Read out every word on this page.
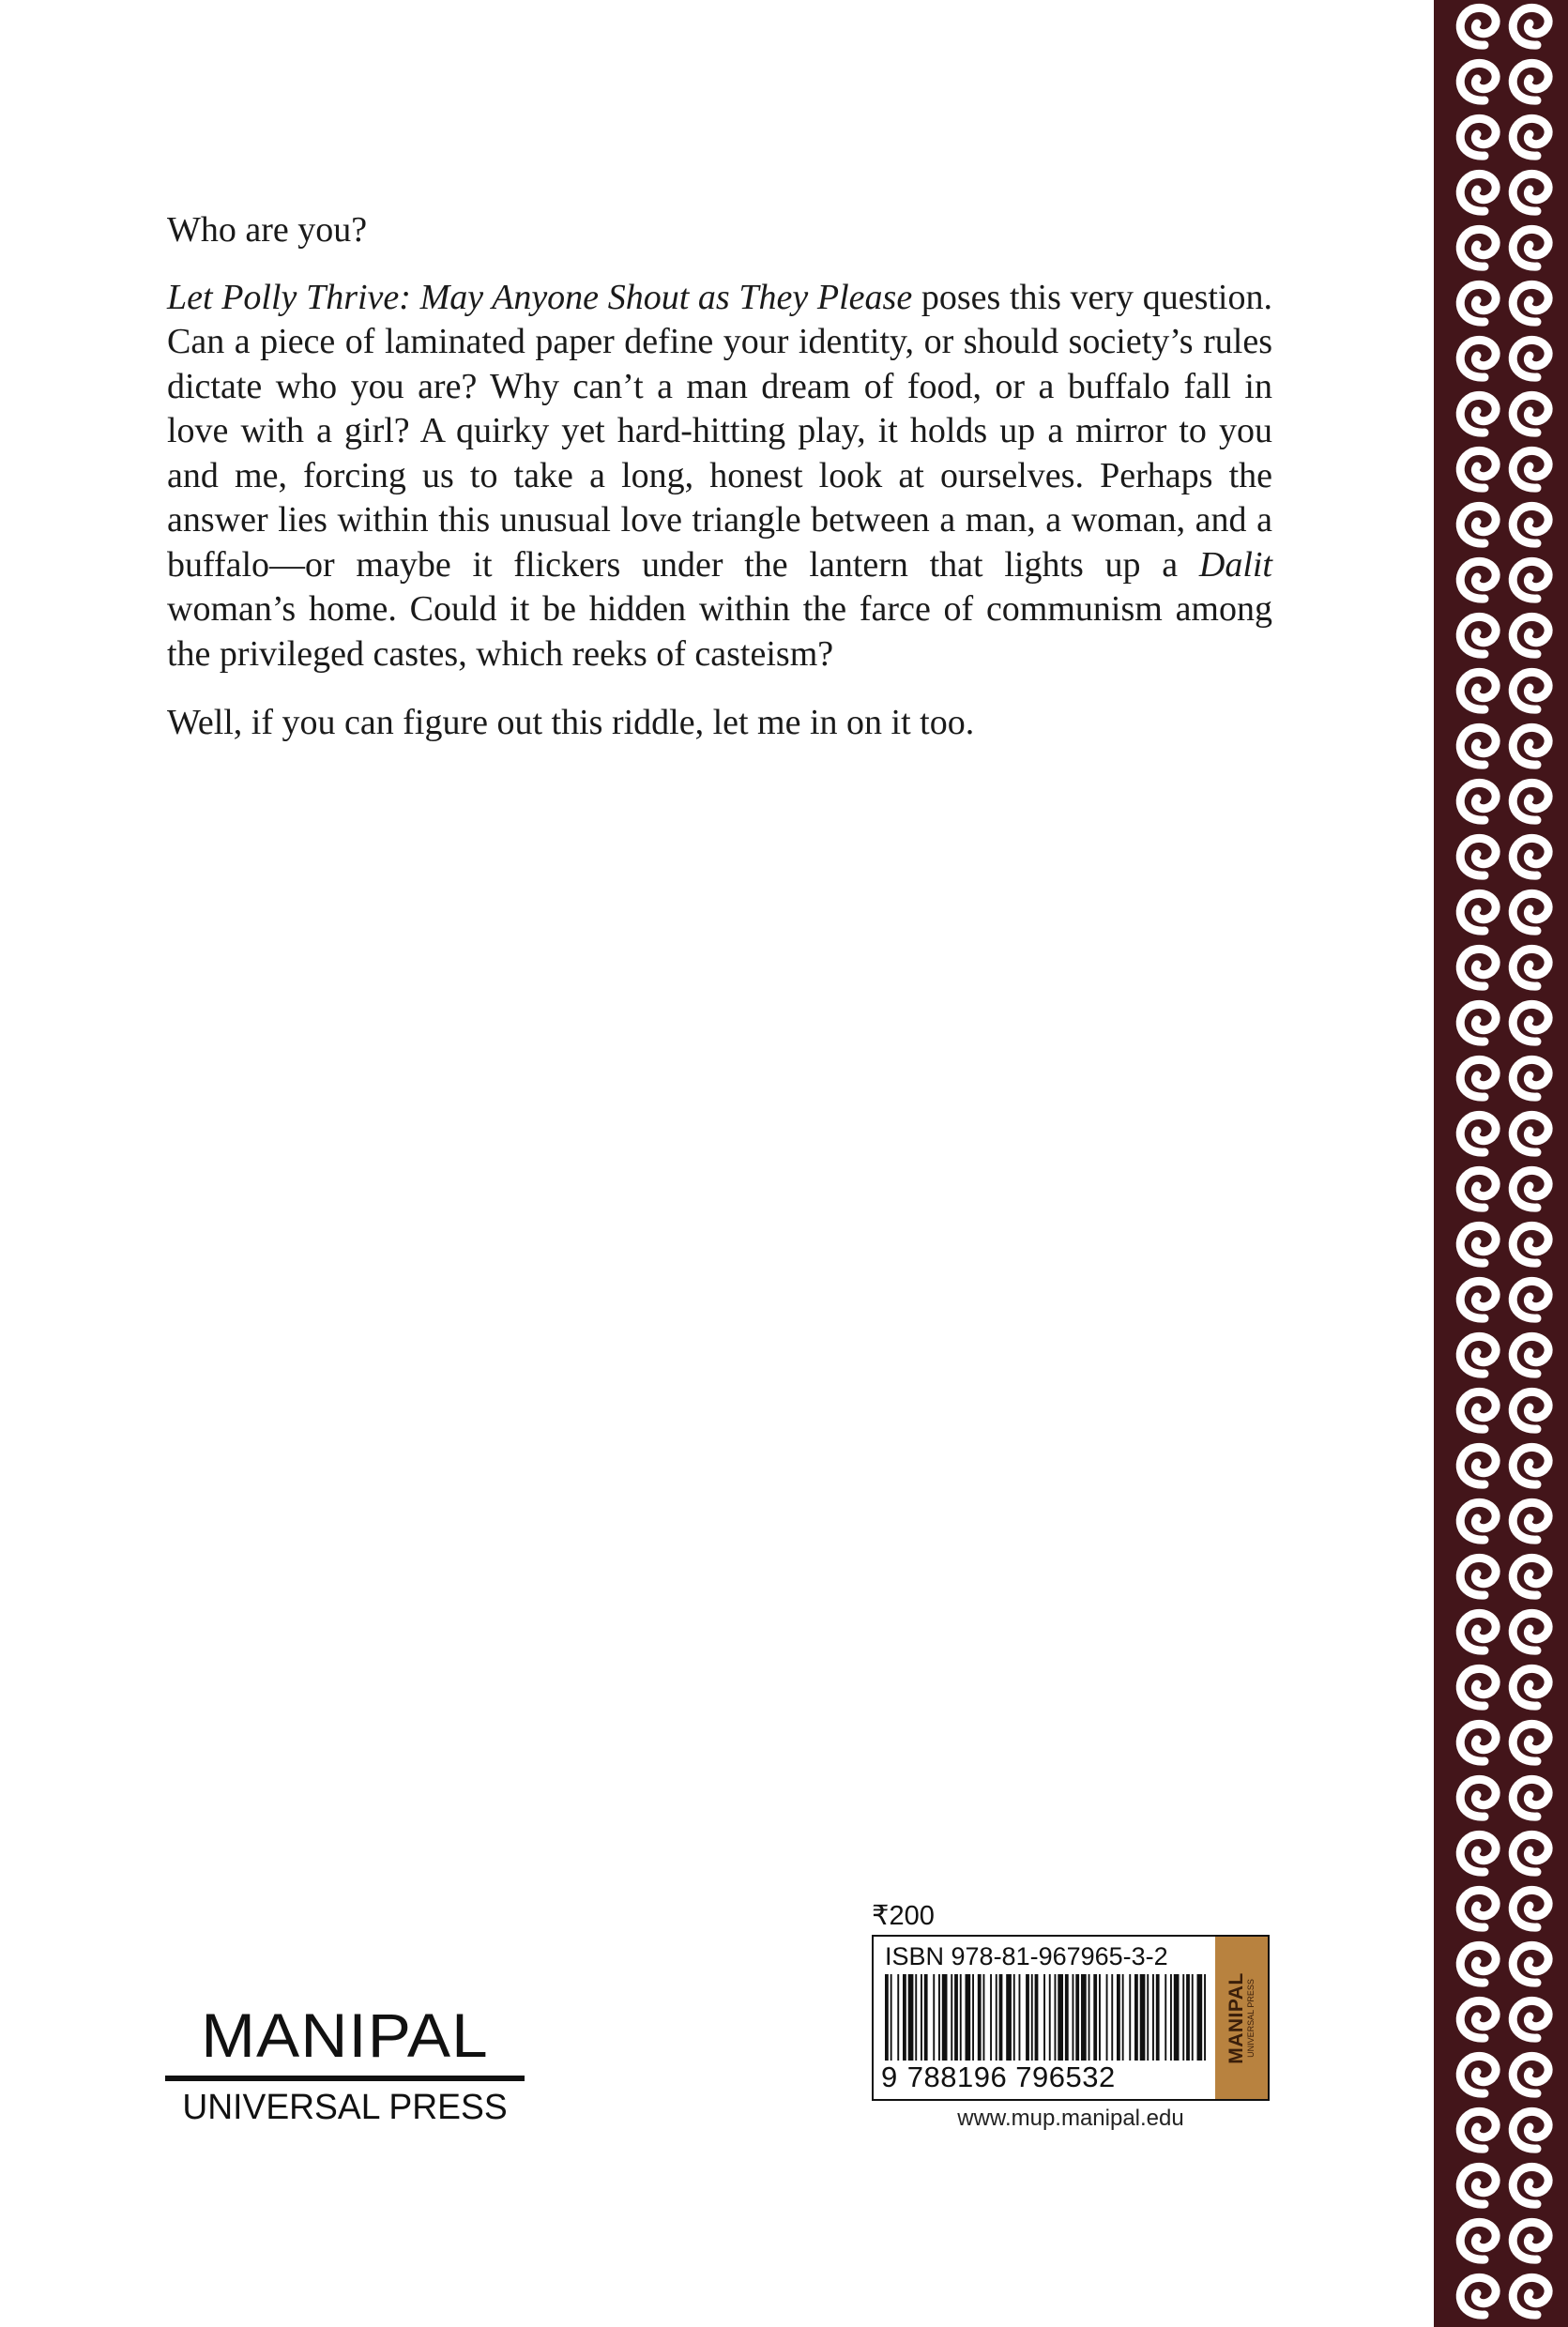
Who are you?

Let Polly Thrive: May Anyone Shout as They Please poses this very question. Can a piece of laminated paper define your identity, or should society’s rules dictate who you are? Why can’t a man dream of food, or a buffalo fall in love with a girl? A quirky yet hard-hitting play, it holds up a mirror to you and me, forcing us to take a long, honest look at ourselves. Perhaps the answer lies within this unusual love triangle between a man, a woman, and a buffalo—or maybe it flickers under the lantern that lights up a Dalit woman’s home. Could it be hidden within the farce of communism among the privileged castes, which reeks of casteism?

Well, if you can figure out this riddle, let me in on it too.

MANIPAL
UNIVERSAL PRESS
₹200
ISBN 978-81-967965-3-2
9 788196 796532
MANIPAL UNIVERSAL PRESS
www.mup.manipal.edu
